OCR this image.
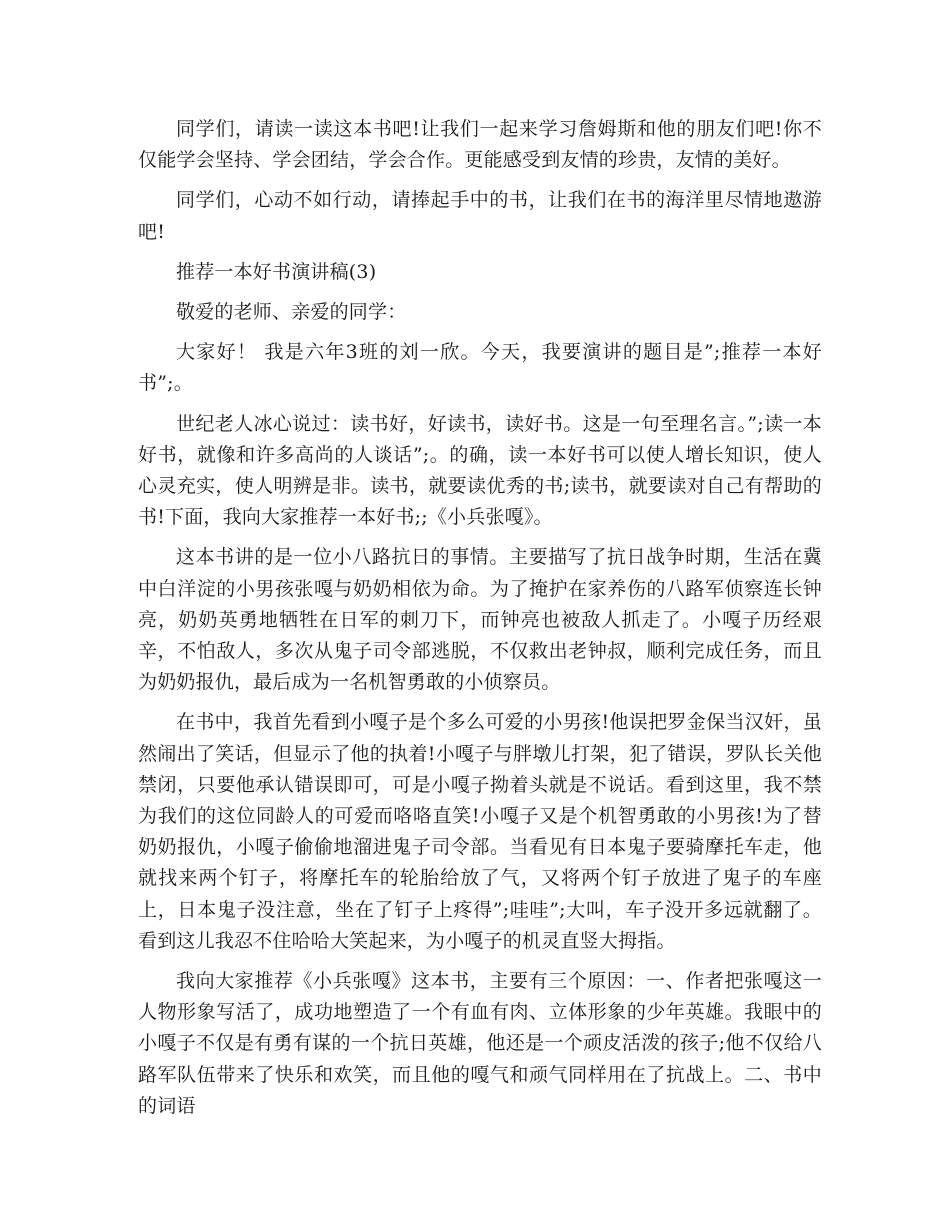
同学们，请读一读这本书吧!让我们一起来学习詹姆斯和他的朋友们吧!你不仅能学会坚持、学会团结，学会合作。更能感受到友情的珍贵，友情的美好。

同学们，心动不如行动，请捧起手中的书，让我们在书的海洋里尽情地遨游吧!

推荐一本好书演讲稿(3)

敬爱的老师、亲爱的同学：

大家好！ 我是六年3班的刘一欣。今天，我要演讲的题目是”;推荐一本好书”;。

世纪老人冰心说过：读书好，好读书，读好书。这是一句至理名言。”;读一本好书，就像和许多高尚的人谈话”;。的确，读一本好书可以使人增长知识，使人心灵充实，使人明辨是非。读书，就要读优秀的书;读书，就要读对自己有帮助的书!下面，我向大家推荐一本好书;;《小兵张嘎》。

这本书讲的是一位小八路抗日的事情。主要描写了抗日战争时期，生活在冀中白洋淀的小男孩张嘎与奶奶相依为命。为了掩护在家养伤的八路军侦察连长钟亮，奶奶英勇地牺牲在日军的刺刀下，而钟亮也被敌人抓走了。小嘎子历经艰辛，不怕敌人，多次从鬼子司令部逃脱，不仅救出老钟叔，顺利完成任务，而且为奶奶报仇，最后成为一名机智勇敢的小侦察员。

在书中，我首先看到小嘎子是个多么可爱的小男孩!他误把罗金保当汉奸，虽然闹出了笑话，但显示了他的执着!小嘎子与胖墩儿打架，犯了错误，罗队长关他禁闭，只要他承认错误即可，可是小嘎子拗着头就是不说话。看到这里，我不禁为我们的这位同龄人的可爱而咯咯直笑!小嘎子又是个机智勇敢的小男孩!为了替奶奶报仇，小嘎子偷偷地溜进鬼子司令部。当看见有日本鬼子要骑摩托车走，他就找来两个钉子，将摩托车的轮胎给放了气，又将两个钉子放进了鬼子的车座上，日本鬼子没注意，坐在了钉子上疼得”;哇哇”;大叫，车子没开多远就翻了。看到这儿我忍不住哈哈大笑起来，为小嘎子的机灵直竖大拇指。

我向大家推荐《小兵张嘎》这本书，主要有三个原因：一、作者把张嘎这一人物形象写活了，成功地塑造了一个有血有肉、立体形象的少年英雄。我眼中的小嘎子不仅是有勇有谋的一个抗日英雄，他还是一个顽皮活泼的孩子;他不仅给八路军队伍带来了快乐和欢笑，而且他的嘎气和顽气同样用在了抗战上。二、书中的词语
